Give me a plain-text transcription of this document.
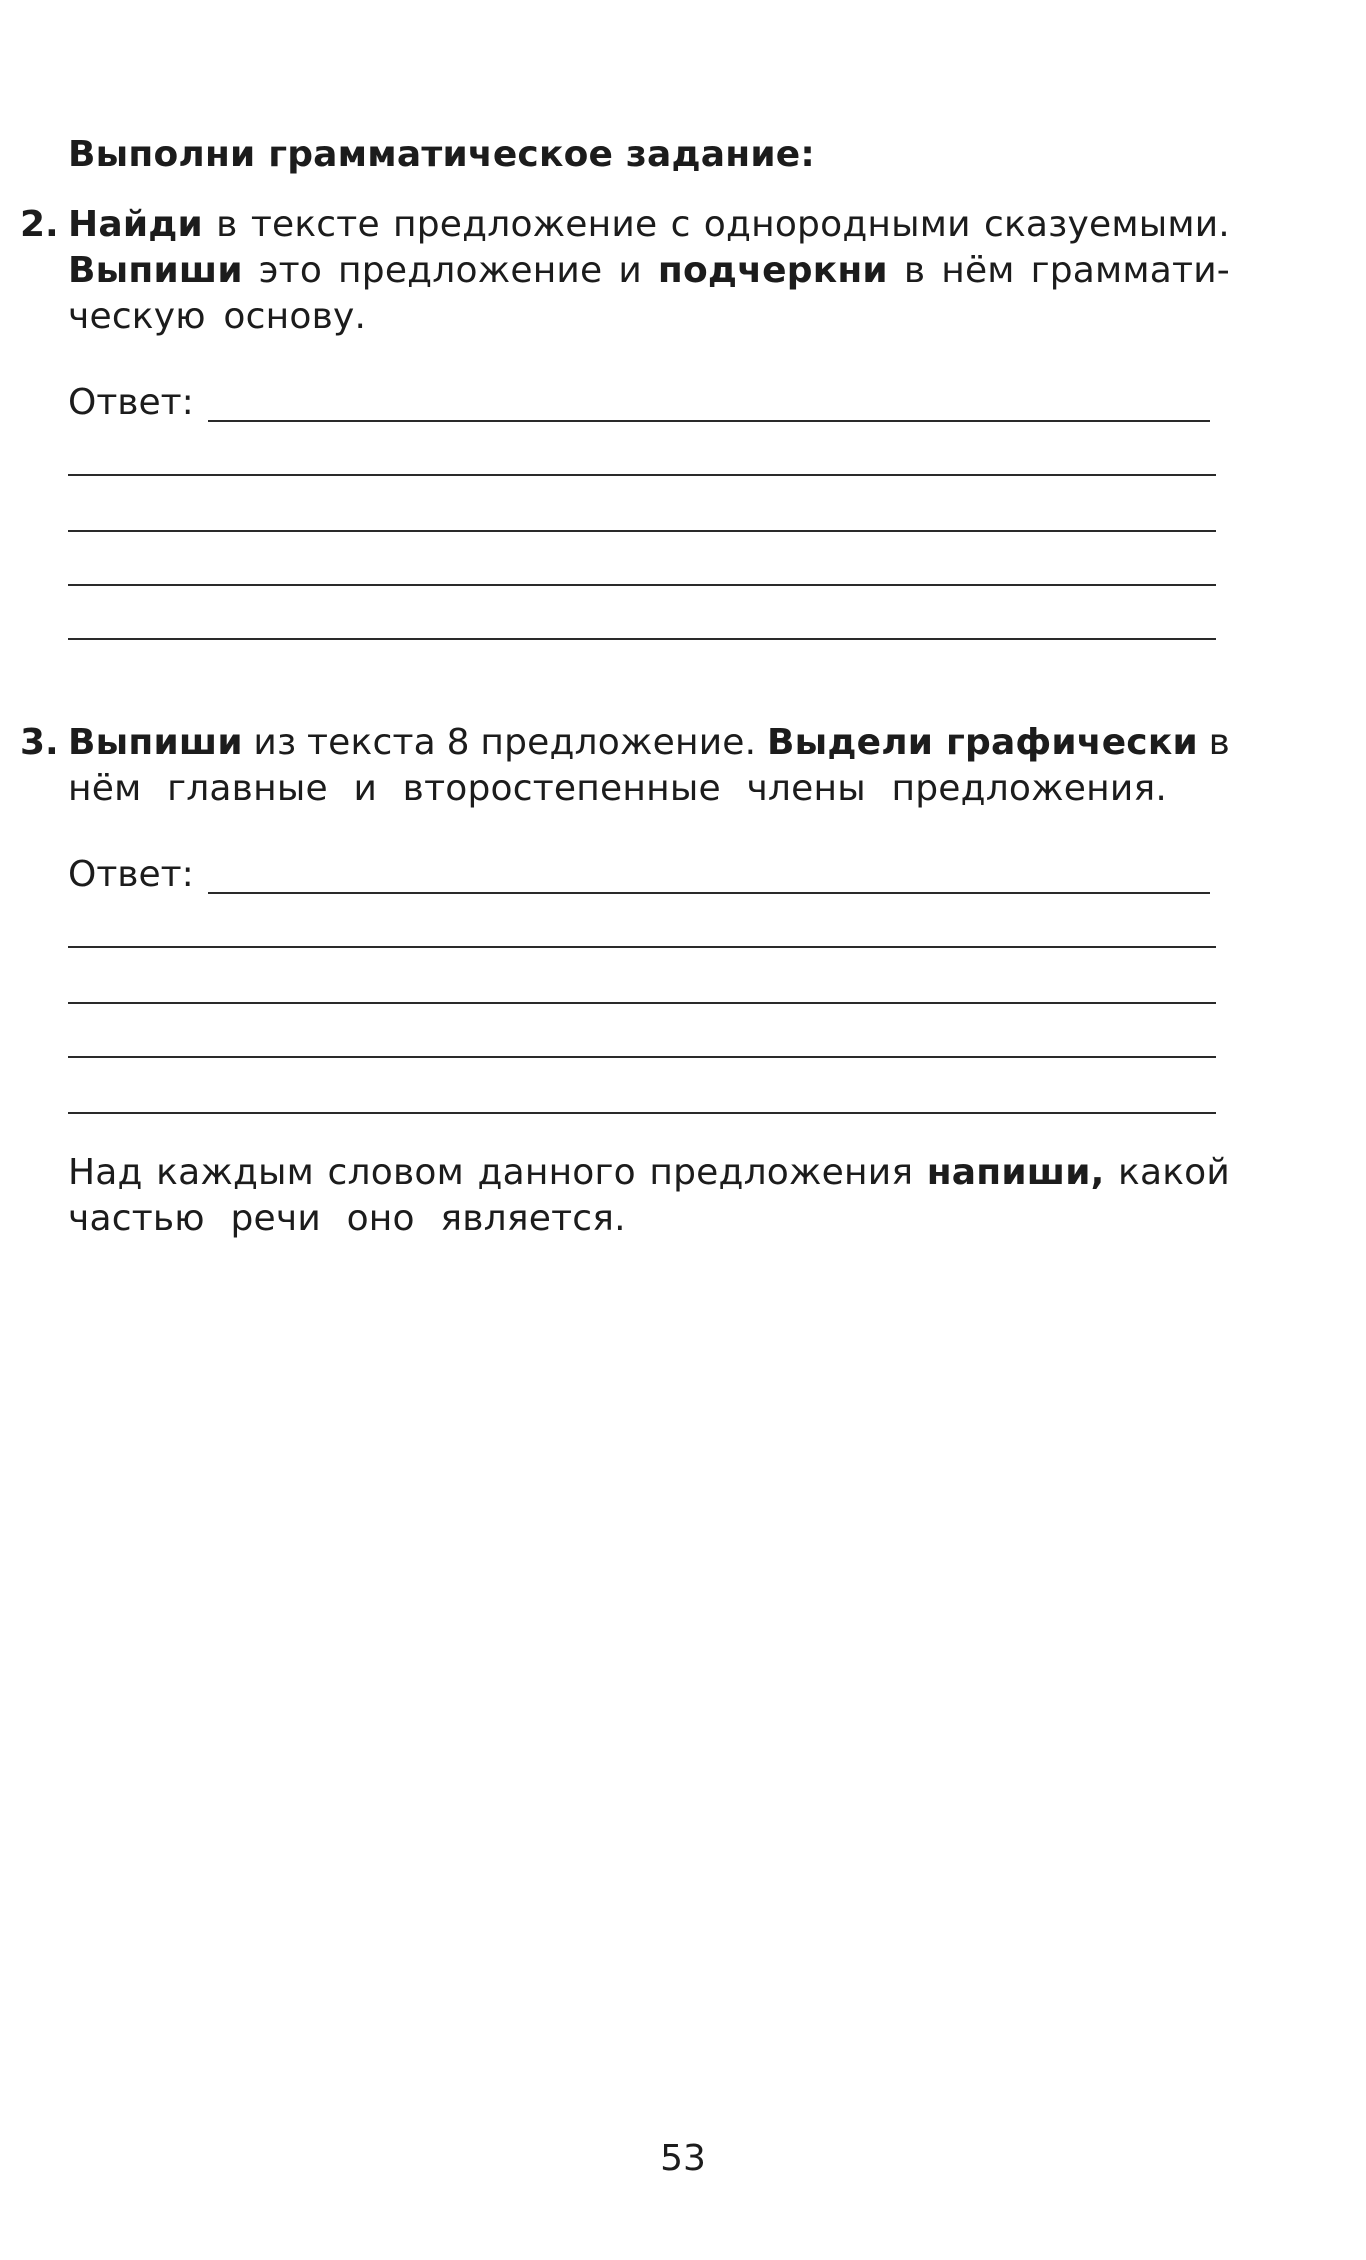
Выполни грамматическое задание:
2. Найди в тексте предложение с однородными сказуемыми.
Выпиши это предложение и подчеркни в нём граммати-
ческую основу.
Ответ:
3. Выпиши из текста 8 предложение. Выдели графически в
нём главные и второстепенные члены предложения.
Ответ:
Над каждым словом данного предложения напиши, какой
частью речи оно является.
53
